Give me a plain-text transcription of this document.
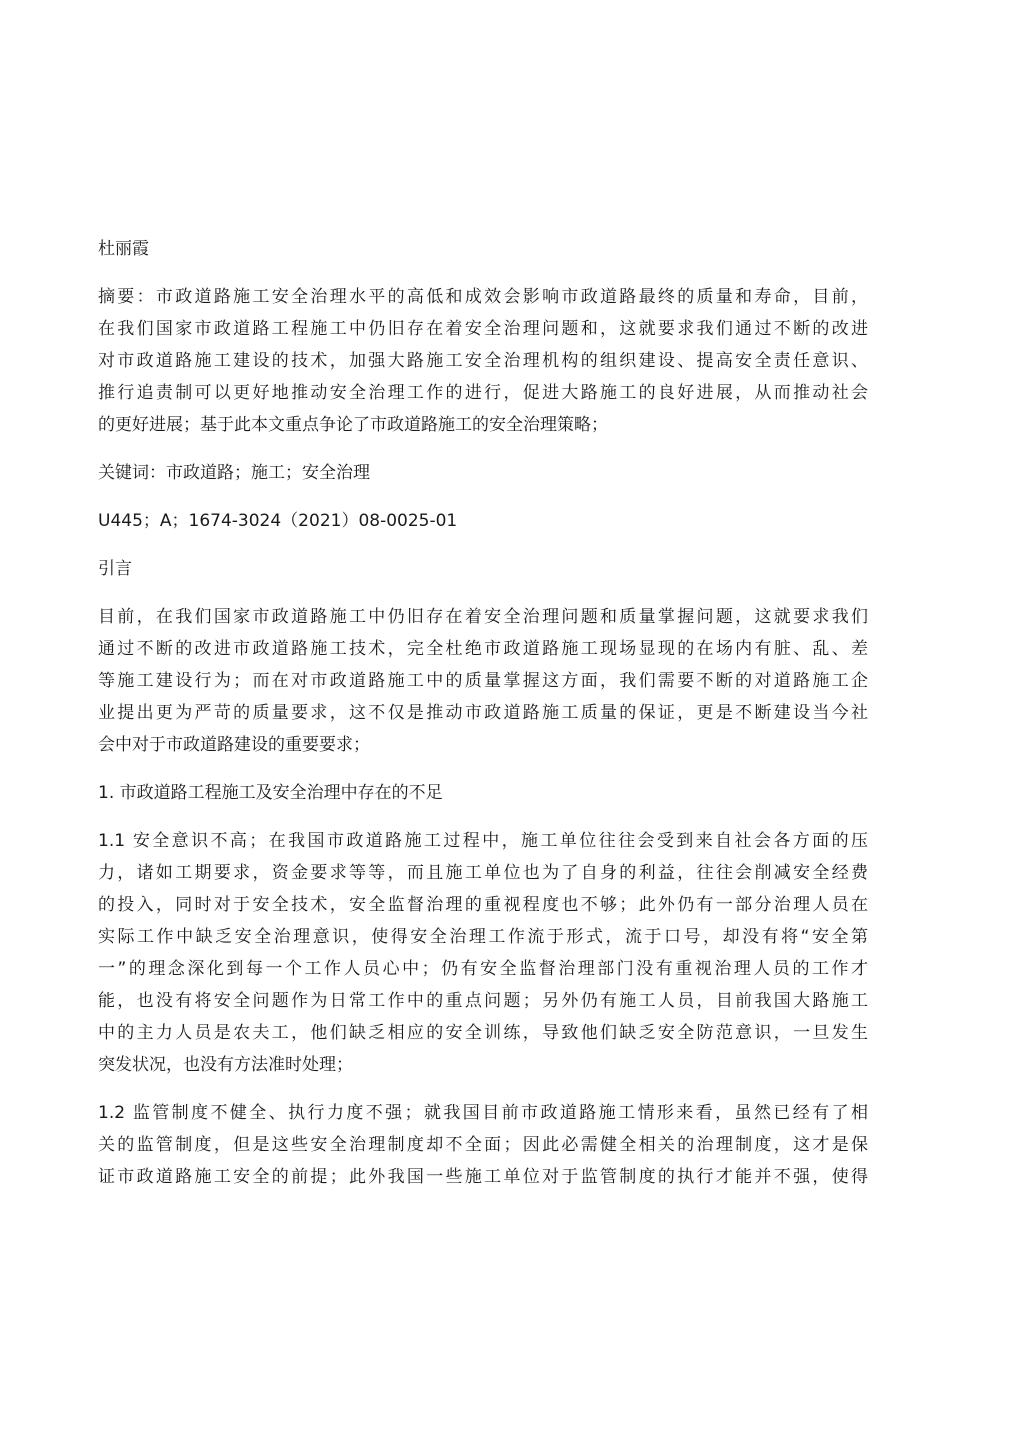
杜丽霞
摘要：市政道路施工安全治理水平的高低和成效会影响市政道路最终的质量和寿命，目前，
在我们国家市政道路工程施工中仍旧存在着安全治理问题和，这就要求我们通过不断的改进
对市政道路施工建设的技术，加强大路施工安全治理机构的组织建设、提高安全责任意识、
推行追责制可以更好地推动安全治理工作的进行，促进大路施工的良好进展，从而推动社会
的更好进展；基于此本文重点争论了市政道路施工的安全治理策略；
关键词：市政道路；施工；安全治理
U445；A；1674-3024（2021）08-0025-01
引言
目前，在我们国家市政道路施工中仍旧存在着安全治理问题和质量掌握问题，这就要求我们
通过不断的改进市政道路施工技术，完全杜绝市政道路施工现场显现的在场内有脏、乱、差
等施工建设行为；而在对市政道路施工中的质量掌握这方面，我们需要不断的对道路施工企
业提出更为严苛的质量要求，这不仅是推动市政道路施工质量的保证，更是不断建设当今社
会中对于市政道路建设的重要要求；
1. 市政道路工程施工及安全治理中存在的不足
1.1 安全意识不高；在我国市政道路施工过程中，施工单位往往会受到来自社会各方面的压
力，诸如工期要求，资金要求等等，而且施工单位也为了自身的利益，往往会削减安全经费
的投入，同时对于安全技术，安全监督治理的重视程度也不够；此外仍有一部分治理人员在
实际工作中缺乏安全治理意识，使得安全治理工作流于形式，流于口号，却没有将“安全第
一”的理念深化到每一个工作人员心中；仍有安全监督治理部门没有重视治理人员的工作才
能，也没有将安全问题作为日常工作中的重点问题；另外仍有施工人员，目前我国大路施工
中的主力人员是农夫工，他们缺乏相应的安全训练，导致他们缺乏安全防范意识，一旦发生
突发状况，也没有方法准时处理；
1.2 监管制度不健全、执行力度不强；就我国目前市政道路施工情形来看，虽然已经有了相
关的监管制度，但是这些安全治理制度却不全面；因此必需健全相关的治理制度，这才是保
证市政道路施工安全的前提；此外我国一些施工单位对于监管制度的执行才能并不强，使得
